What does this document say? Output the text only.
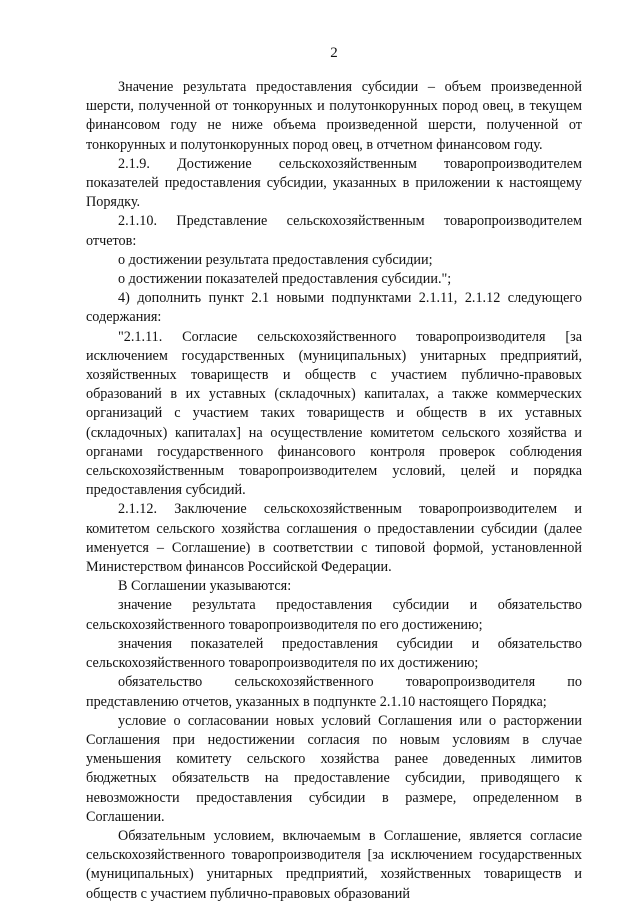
2

Значение результата предоставления субсидии – объем произведенной шерсти, полученной от тонкорунных и полутонкорунных пород овец, в текущем финансовом году не ниже объема произведенной шерсти, полученной от тонкорунных и полутонкорунных пород овец, в отчетном финансовом году.

2.1.9. Достижение сельскохозяйственным товаропроизводителем показателей предоставления субсидии, указанных в приложении к настоящему Порядку.

2.1.10. Представление сельскохозяйственным товаропроизводителем отчетов:

о достижении результата предоставления субсидии;

о достижении показателей предоставления субсидии.";

4) дополнить пункт 2.1 новыми подпунктами 2.1.11, 2.1.12 следующего содержания:

"2.1.11. Согласие сельскохозяйственного товаропроизводителя [за исключением государственных (муниципальных) унитарных предприятий, хозяйственных товариществ и обществ с участием публично-правовых образований в их уставных (складочных) капиталах, а также коммерческих организаций с участием таких товариществ и обществ в их уставных (складочных) капиталах] на осуществление комитетом сельского хозяйства и органами государственного финансового контроля проверок соблюдения сельскохозяйственным товаропроизводителем условий, целей и порядка предоставления субсидий.

2.1.12. Заключение сельскохозяйственным товаропроизводителем и комитетом сельского хозяйства соглашения о предоставлении субсидии (далее именуется – Соглашение) в соответствии с типовой формой, установленной Министерством финансов Российской Федерации.

В Соглашении указываются:

значение результата предоставления субсидии и обязательство сельскохозяйственного товаропроизводителя по его достижению;

значения показателей предоставления субсидии и обязательство сельскохозяйственного товаропроизводителя по их достижению;

обязательство сельскохозяйственного товаропроизводителя по представлению отчетов, указанных в подпункте 2.1.10 настоящего Порядка;

условие о согласовании новых условий Соглашения или о расторжении Соглашения при недостижении согласия по новым условиям в случае уменьшения комитету сельского хозяйства ранее доведенных лимитов бюджетных обязательств на предоставление субсидии, приводящего к невозможности предоставления субсидии в размере, определенном в Соглашении.

Обязательным условием, включаемым в Соглашение, является согласие сельскохозяйственного товаропроизводителя [за исключением государственных (муниципальных) унитарных предприятий, хозяйственных товариществ и обществ с участием публично-правовых образований
